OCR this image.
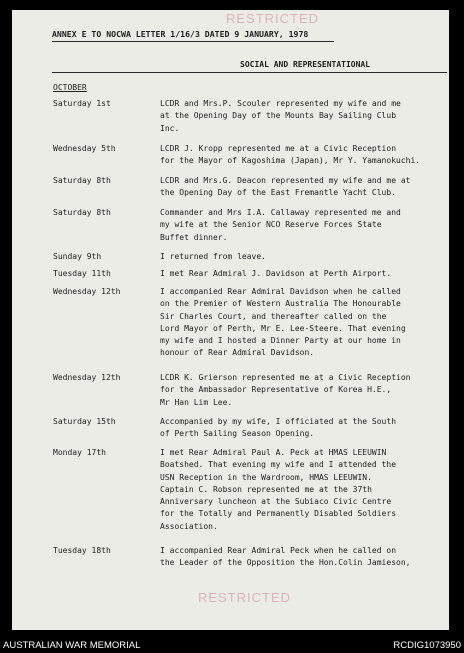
RESTRICTED
ANNEX E TO NOCWA LETTER 1/16/3 DATED 9 JANUARY, 1978
SOCIAL AND REPRESENTATIONAL
OCTOBER
Saturday 1st	LCDR and Mrs.P. Scouler represented my wife and me
at the Opening Day of the Mounts Bay Sailing Club
Inc.
Wednesday 5th	LCDR J. Kropp represented me at a Civic Reception
for the Mayor of Kagoshima (Japan), Mr Y. Yamanokuchi.
Saturday 8th	LCDR and Mrs.G. Deacon represented my wife and me at
the Opening Day of the East Fremantle Yacht Club.
Saturday 8th	Commander and Mrs I.A. Callaway represented me and
my wife at the Senior NCO Reserve Forces State
Buffet dinner.
Sunday 9th	I returned from leave.
Tuesday 11th	I met Rear Admiral J. Davidson at Perth Airport.
Wednesday 12th	I accompanied Rear Admiral Davidson when he called
on the Premier of Western Australia The Honourable
Sir Charles Court, and thereafter called on the
Lord Mayor of Perth, Mr E. Lee-Steere. That evening
my wife and I hosted a Dinner Party at our home in
honour of Rear Admiral Davidson.
Wednesday 12th	LCDR K. Grierson represented me at a Civic Reception
for the Ambassador Representative of Korea H.E.,
Mr Han Lim Lee.
Saturday 15th	Accompanied by my wife, I officiated at the South
of Perth Sailing Season Opening.
Monday 17th	I met Rear Admiral Paul A. Peck at HMAS LEEUWIN
Boatshed. That evening my wife and I attended the
USN Reception in the Wardroom, HMAS LEEUWIN.
Captain C. Robson represented me at the 37th
Anniversary luncheon at the Subiaco Civic Centre
for the Totally and Permanently Disabled Soldiers
Association.
Tuesday 18th	I accompanied Rear Admiral Peck when he called on
the Leader of the Opposition the Hon.Colin Jamieson,
RESTRICTED
AUSTRALIAN WAR MEMORIAL	RCDIG1073950
